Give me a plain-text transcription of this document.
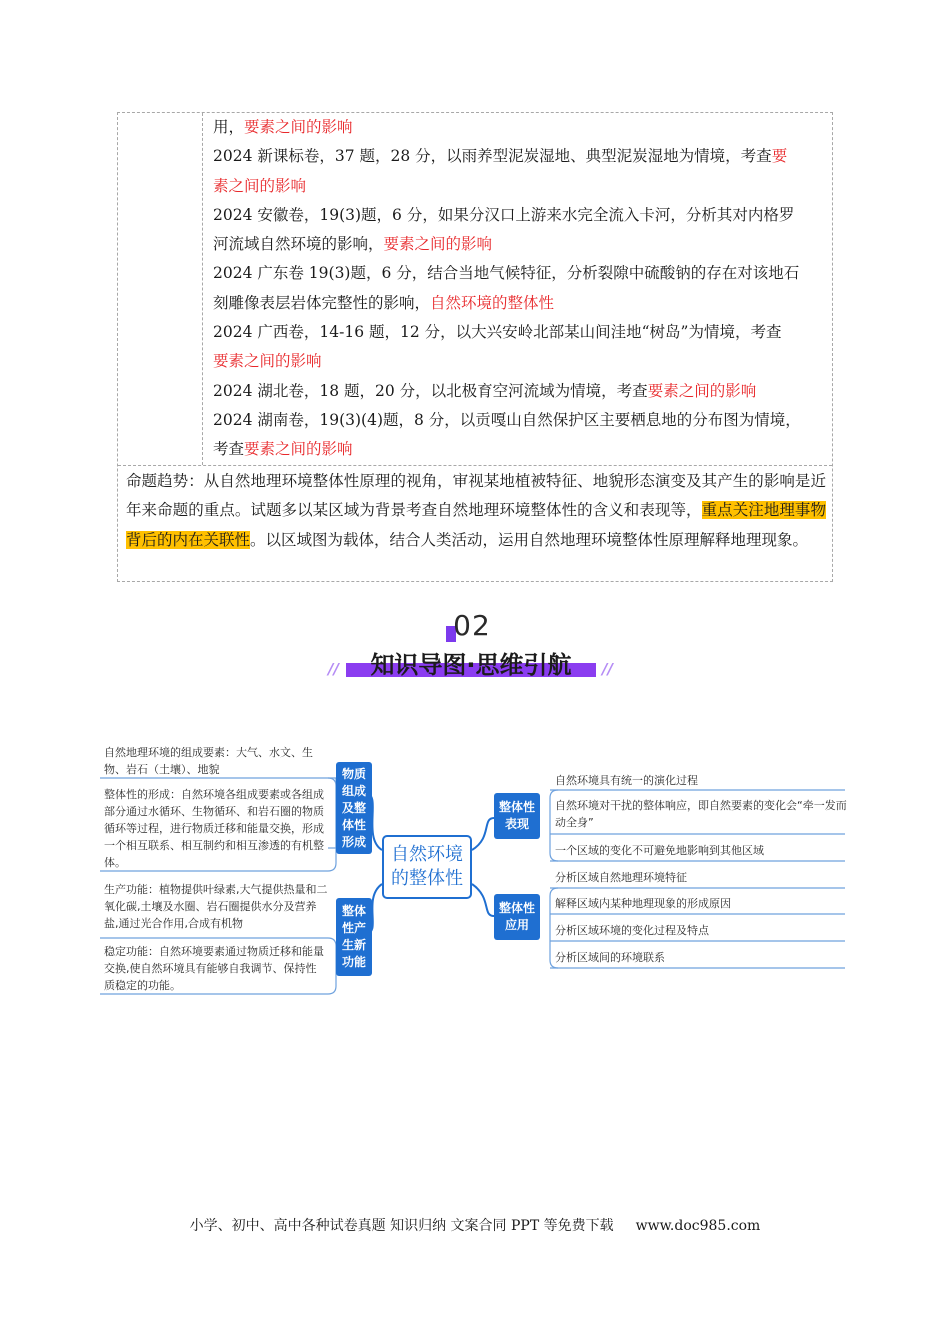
用，要素之间的影响

2024 新课标卷，37 题，28 分，以雨养型泥炭湿地、典型泥炭湿地为情境，考查要

素之间的影响

2024 安徽卷，19(3)题，6 分，如果分汉口上游来水完全流入卡河，分析其对内格罗

河流域自然环境的影响，要素之间的影响

2024 广东卷 19(3)题，6 分，结合当地气候特征，分析裂隙中硫酸钠的存在对该地石

刻雕像表层岩体完整性的影响，自然环境的整体性

2024 广西卷，14-16 题，12 分，以大兴安岭北部某山间洼地“树岛”为情境，考查

要素之间的影响

2024 湖北卷，18 题，20 分，以北极育空河流域为情境，考查要素之间的影响

2024 湖南卷，19(3)(4)题，8 分，以贡嘎山自然保护区主要栖息地的分布图为情境，

考查要素之间的影响

命题趋势：从自然地理环境整体性原理的视角，审视某地植被特征、地貌形态演变及其产生的影响是近年来命题的重点。试题多以某区域为背景考查自然地理环境整体性的含义和表现等，重点关注地理事物背后的内在关联性。以区域图为载体，结合人类活动，运用自然地理环境整体性原理解释地理现象。
02
知识导图·思维引航
//	//
自然地理环境的组成要素：大气、水文、生物、岩石（土壤）、地貌
整体性的形成：自然环境各组成要素或各组成部分通过水循环、生物循环、和岩石圈的物质循环等过程，进行物质迁移和能量交换，形成一个相互联系、相互制约和相互渗透的有机整体。
生产功能：植物提供叶绿素,大气提供热量和二氧化碳,土壤及水圈、岩石圈提供水分及营养盐,通过光合作用,合成有机物
稳定功能：自然环境要素通过物质迁移和能量交换,使自然环境具有能够自我调节、保持性质稳定的功能。
物质组成及整体性形成
整体性产生新功能
自然环境的整体性
整体性表现
整体性应用
自然环境具有统一的演化过程
自然环境对干扰的整体响应，即自然要素的变化会“牵一发而动全身”
一个区域的变化不可避免地影响到其他区域
分析区域自然地理环境特征
解释区域内某种地理现象的形成原因
分析区域环境的变化过程及特点
分析区域间的环境联系
小学、初中、高中各种试卷真题 知识归纳 文案合同 PPT 等免费下载 www.doc985.com
